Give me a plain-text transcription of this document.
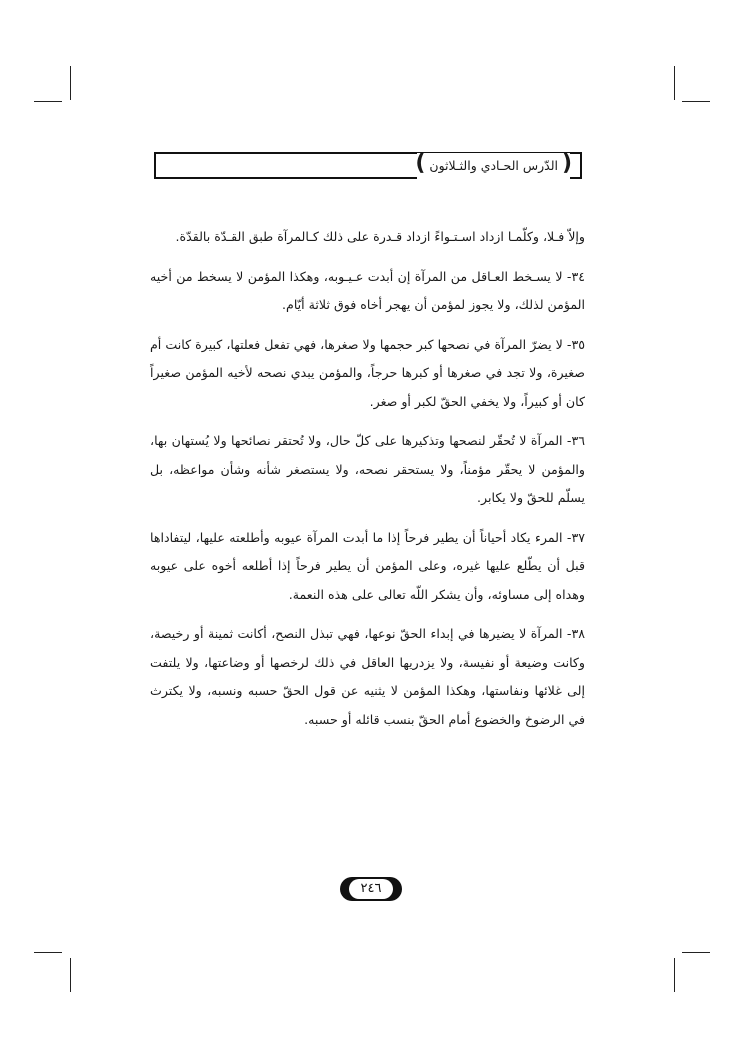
( الدّرس الحـادي والثـلاثون )

وإلاّ فـلا، وكلّمـا ازداد اسـتـواءً ازداد قـدرة على ذلك كـالمرآة طبق القـدّة بالقدّة.

٣٤- لا يسـخط العـاقل من المرآة إن أبدت عـيـوبه، وهكذا المؤمن لا يسخط من أخيه المؤمن لذلك، ولا يجوز لمؤمن أن يهجر أخاه فوق ثلاثة أيّام.

٣٥- لا يضرّ المرآة في نصحها كبر حجمها ولا صغرها، فهي تفعل فعلتها، كبيرة كانت أم صغيرة، ولا تجد في صغرها أو كبرها حرجاً، والمؤمن يبدي نصحه لأخيه المؤمن صغيراً كان أو كبيراً، ولا يخفي الحقّ لكبر أو صغر.

٣٦- المرآة لا تُحقّر لنصحها وتذكيرها على كلّ حال، ولا تُحتقر نصائحها ولا يُستهان بها، والمؤمن لا يحقّر مؤمناً، ولا يستحقر نصحه، ولا يستصغر شأنه وشأن مواعظه، بل يسلّم للحقّ ولا يكابر.

٣٧- المرء يكاد أحياناً أن يطير فرحاً إذا ما أبدت المرآة عيوبه وأطلعته عليها، ليتفاداها قبل أن يطّلع عليها غيره، وعلى المؤمن أن يطير فرحاً إذا أطلعه أخوه على عيوبه وهداه إلى مساوئه، وأن يشكر اللّه تعالى على هذه النعمة.

٣٨- المرآة لا يضيرها في إبداء الحقّ نوعها، فهي تبذل النصح، أكانت ثمينة أو رخيصة، وكانت وضيعة أو نفيسة، ولا يزدريها العاقل في ذلك لرخصها أو وضاعتها، ولا يلتفت إلى غلائها ونفاستها، وهكذا المؤمن لا يثنيه عن قول الحقّ حسبه ونسبه، ولا يكترث في الرضوخ والخضوع أمام الحقّ بنسب قائله أو حسبه.

٢٤٦
